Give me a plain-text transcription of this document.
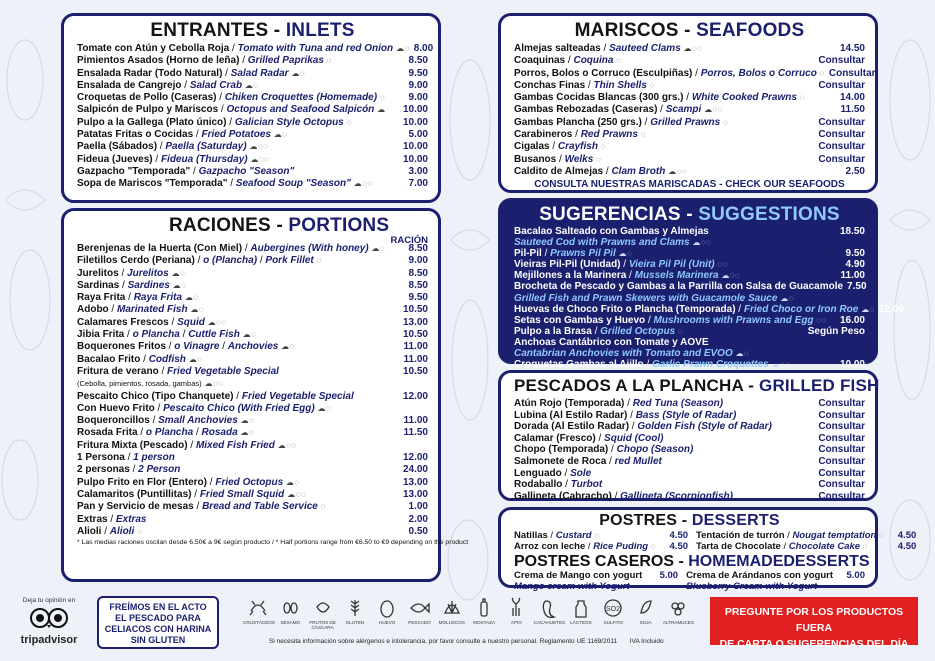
ENTRANTES - INLETS
Tomate con Atún y Cebolla Roja / Tomato with Tuna and red Onion ☁◌ 8.00
Pimientos Asados (Horno de leña) / Grilled Paprikas ◌	8.50
Ensalada Radar (Todo Natural) / Salad Radar ☁◌	9.50
Ensalada de Cangrejo / Salad Crab ☁◌	9.00
Croquetas de Pollo (Caseras) / Chiken Croquettes (Homemade) ◌	9.00
Salpicón de Pulpo y Mariscos / Octopus and Seafood Salpicón ☁	10.00
Pulpo a la Gallega (Plato único) / Galician Style Octopus ◌	10.00
Patatas Fritas o Cocidas / Fried Potatoes ☁◌	5.00
Paella (Sábados) / Paella (Saturday) ☁◌◌	10.00
Fideua (Jueves) / Fideua (Thursday) ☁◌◌	10.00
Gazpacho "Temporada" / Gazpacho "Season"	3.00
Sopa de Mariscos "Temporada" / Seafood Soup "Season" ☁◌◌	7.00
RACIONES - PORTIONS
RACIÓN
Berenjenas de la Huerta (Con Miel) / Aubergines (With honey) ☁◌	8.50
Filetillos Cerdo (Periana) / o (Plancha) / Pork Fillet ◌	9.00
Jurelitos / Jurelitos ☁◌	8.50
Sardinas / Sardines ☁◌	8.50
Raya Frita / Raya Frita ☁◌	9.50
Adobo / Marinated Fish ☁◌	10.50
Calamares Frescos / Squid ☁◌◌	13.00
Jibia Frita / o Plancha / Cuttle Fish ☁◌	10.50
Boquerones Fritos / o Vinagre / Anchovies ☁◌	11.00
Bacalao Frito / Codfish ☁◌	11.00
Fritura de verano / Fried Vegetable Special	10.50
(Cebolla, pimientos, rosada, gambas) ☁◌◌
Pescaito Chico (Tipo Chanquete) / Fried Vegetable Special	12.00
Con Huevo Frito / Pescaito Chico (With Fried Egg) ☁◌
Boqueroncillos / Small Anchovies ☁◌	11.00
Rosada Frita / o Plancha / Rosada ☁◌	11.50
Fritura Mixta (Pescado) / Mixed Fish Fried ☁◌◌
1 Persona / 1 person	12.00
2 personas / 2 Person	24.00
Pulpo Frito en Flor (Entero) / Fried Octopus ☁◌	13.00
Calamaritos (Puntillitas) / Fried Small Squid ☁◌◌	13.00
Pan y Servicio de mesas / Bread and Table Service ◌	1.00
Extras / Extras	2.00
Alioli / Alioli ◌	0.50
* Las medias raciones oscilan desde 6.50€ a 9€ según producto / * Half portions range from €6.50 to €9 depending on the product
MARISCOS - SEAFOODS
Almejas salteadas / Sauteed Clams ☁◌◌	14.50
Coaquinas / Coquina ◌	Consultar
Porros, Bolos o Corruco (Esculpiñas) / Porros, Bolos o Corruco ◌ Consultar
Conchas Finas / Thin Shells ◌	Consultar
Gambas Cocidas Blancas (300 grs.) / White Cooked Prawns ◌	14.00
Gambas Rebozadas (Caseras) / Scampi ☁◌◌	11.50
Gambas Plancha (250 grs.) / Grilled Prawns ◌	Consultar
Carabineros / Red Prawns ◌	Consultar
Cigalas / Crayfish ◌	Consultar
Busanos / Welks ◌	Consultar
Caldito de Almejas / Clam Broth ☁◌◌	2.50
CONSULTA NUESTRAS MARISCADAS - CHECK OUR SEAFOODS
SUGERENCIAS - SUGGESTIONS
Bacalao Salteado con Gambas y Almejas	18.50
Sauteed Cod with Prawns and Clams ☁◌◌
Pil-Pil / Prawns Pil Pil ☁◌	9.50
Vieiras Pil-Pil (Unidad) / Vieira Pil Pil (Unit) ◌◌	4.90
Mejillones a la Marinera / Mussels Marinera ☁◌◌	11.00
Brocheta de Pescado y Gambas a la Parrilla con Salsa de Guacamole 7.50
Grilled Fish and Prawn Skewers with Guacamole Sauce ☁◌
Huevas de Choco Frito o Plancha (Temporada) / Fried Choco or Iron Roe ☁◌ 12.00
Setas con Gambas y Huevo / Mushrooms with Prawns and Egg ◌◌	16.00
Pulpo a la Brasa / Grilled Octopus ◌	Según Peso
Anchoas Cantábrico con Tomate y AOVE
Cantabrian Anchovies with Tomato and EVOO ☁◌
Croquetas Gambas al Ajillo / Garlic Prawn Croquettes ☁◌◌	10.00
PESCADOS A LA PLANCHA - GRILLED FISH
Atún Rojo (Temporada) / Red Tuna (Season)	Consultar
Lubina (Al Estilo Radar) / Bass (Style of Radar)	Consultar
Dorada (Al Estilo Radar) / Golden Fish (Style of Radar)	Consultar
Calamar (Fresco) / Squid (Cool)	Consultar
Chopo (Temporada) / Chopo (Season)	Consultar
Salmonete de Roca / red Mullet	Consultar
Lenguado / Sole	Consultar
Rodaballo / Turbot	Consultar
Gallineta (Cabracho) / Gallineta (Scorpionfish)	Consultar
POSTRES - DESSERTS
Natillas / Custard ◌	4.50
Arroz con leche / Rice Puding ◌	4.50
Tentación de turrón / Nougat temptation ◌	4.50
Tarta de Chocolate / Chocolate Cake ◌	4.50
POSTRES CASEROS - HOMEMADEDESSERTS
Crema de Mango con yogurt	5.00
Mango cream with Yogurt
Crema de Arándanos con yogurt	5.00
Blueberry Cream with Yogurt
Deja tu opinión en
tripadvisor
FREÍMOS EN EL ACTO
EL PESCADO PARA
CELIACOS CON HARINA
SIN GLUTEN
CRUSTÁCEOS	SÉSAMO	FRUTOS DE CÁSCARA
GLUTEN	HUEVO	PESCADO	MOLUSCOS	MOSTAZA	APIO	CACAHUETES	LÁCTEOS
SO2
SULFITO	SOJA	ALTRAMUCES
Si necesita información sobre alérgenos e intolerancia, por favor consulte a nuestro personal. Reglamento UE 1169/2011 IVA Incluido
PREGUNTE POR LOS PRODUCTOS FUERA
DE CARTA O SUGERENCIAS DEL DÍA
